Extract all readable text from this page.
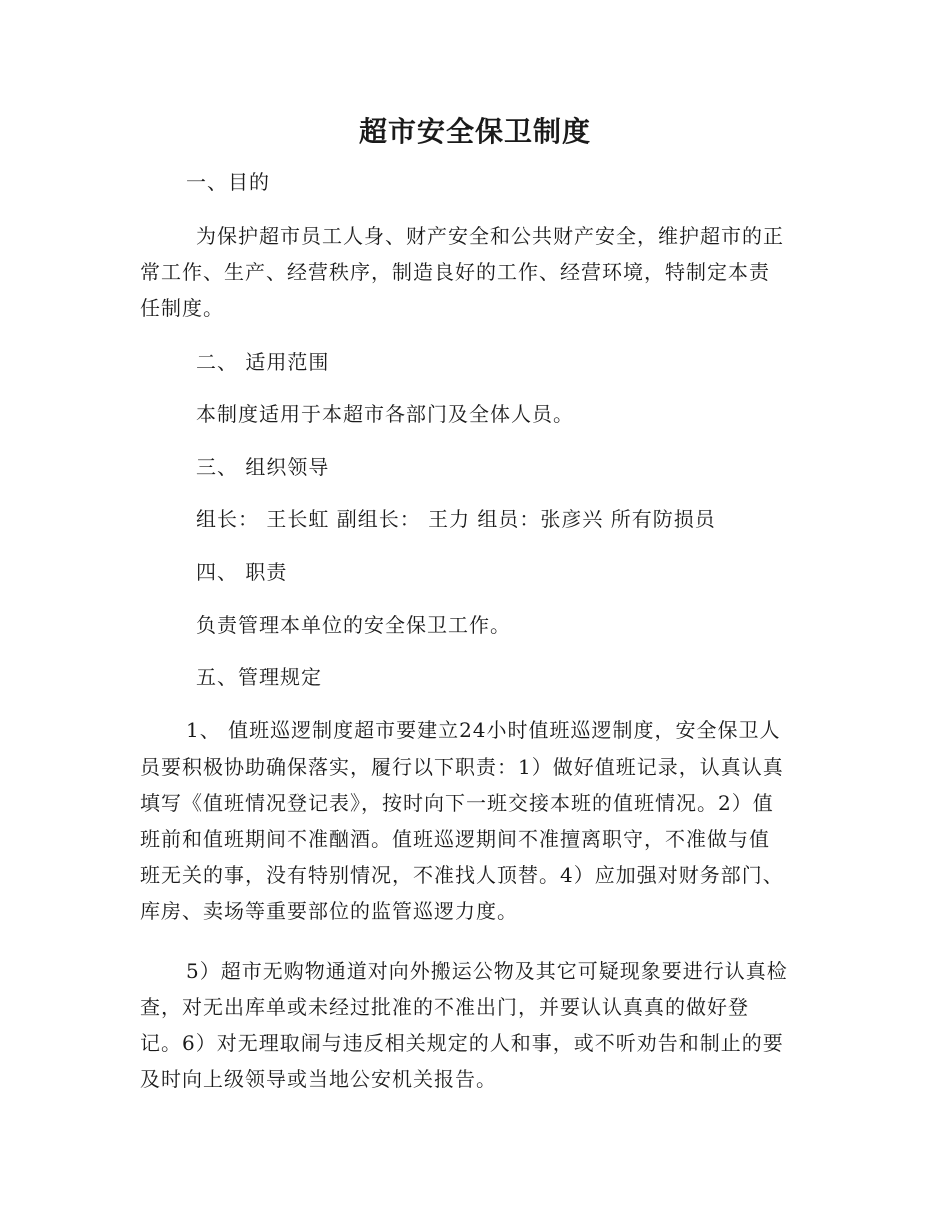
超市安全保卫制度
一、目的
为保护超市员工人身、财产安全和公共财产安全，维护超市的正
常工作、生产、经营秩序，制造良好的工作、经营环境，特制定本责
任制度。
二、 适用范围
本制度适用于本超市各部门及全体人员。
三、 组织领导
组长： 王长虹 副组长： 王力 组员：张彦兴 所有防损员
四、 职责
负责管理本单位的安全保卫工作。
五、管理规定
1、 值班巡逻制度超市要建立24小时值班巡逻制度，安全保卫人
员要积极协助确保落实，履行以下职责：1）做好值班记录，认真认真
填写《值班情况登记表》，按时向下一班交接本班的值班情况。2）值
班前和值班期间不准酗酒。值班巡逻期间不准擅离职守，不准做与值
班无关的事，没有特别情况，不准找人顶替。4）应加强对财务部门、
库房、卖场等重要部位的监管巡逻力度。
5）超市无购物通道对向外搬运公物及其它可疑现象要进行认真检
查，对无出库单或未经过批准的不准出门，并要认认真真的做好登
记。6）对无理取闹与违反相关规定的人和事，或不听劝告和制止的要
及时向上级领导或当地公安机关报告。
